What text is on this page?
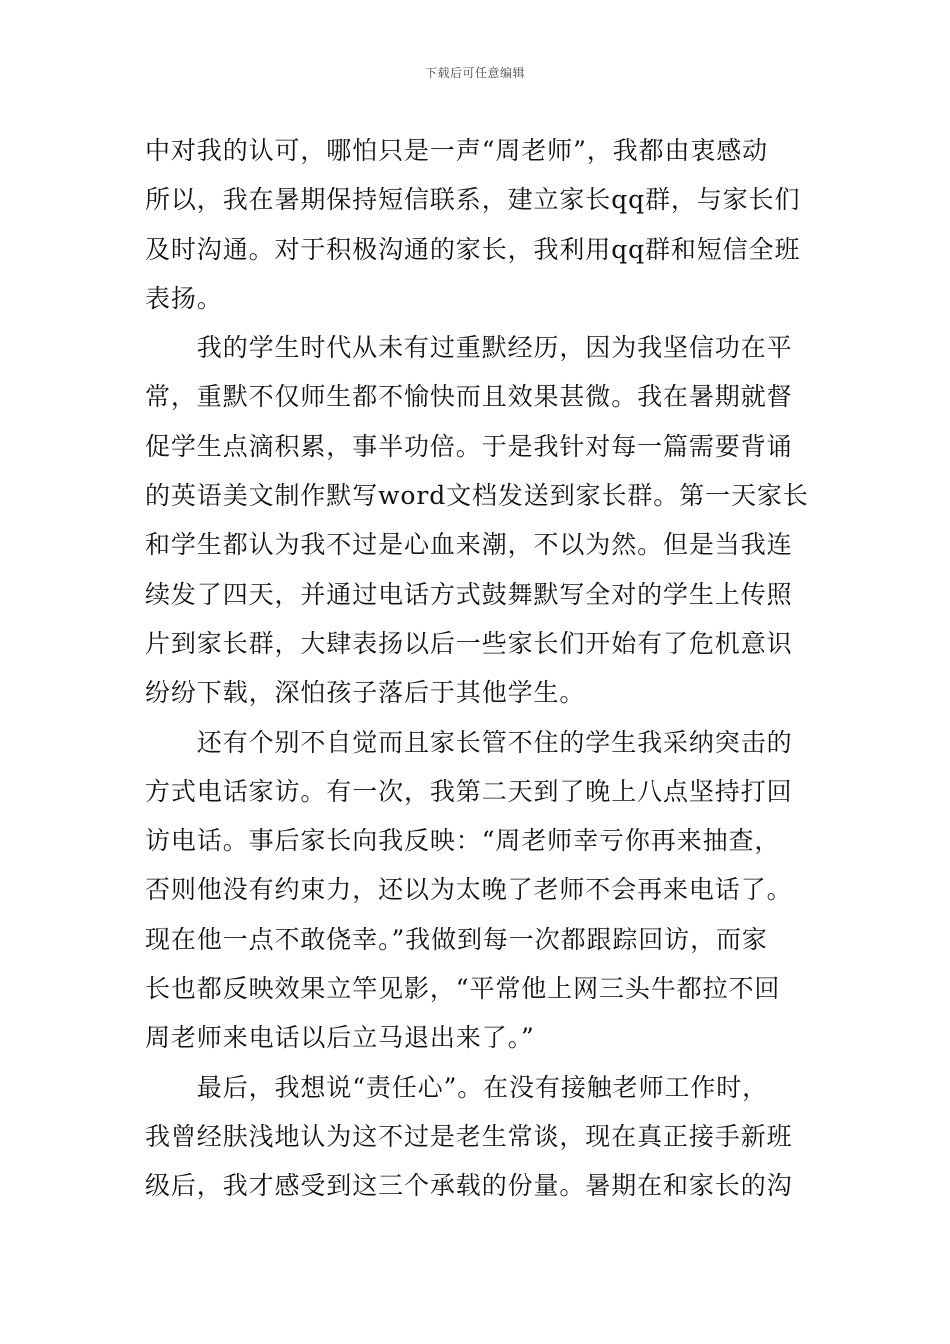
下载后可任意编辑
中对我的认可，哪怕只是一声“周老师”，我都由衷感动
所以，我在暑期保持短信联系，建立家长qq群，与家长们
及时沟通。对于积极沟通的家长，我利用qq群和短信全班
表扬。
　　我的学生时代从未有过重默经历，因为我坚信功在平
常，重默不仅师生都不愉快而且效果甚微。我在暑期就督
促学生点滴积累，事半功倍。于是我针对每一篇需要背诵
的英语美文制作默写word文档发送到家长群。第一天家长
和学生都认为我不过是心血来潮，不以为然。但是当我连
续发了四天，并通过电话方式鼓舞默写全对的学生上传照
片到家长群，大肆表扬以后一些家长们开始有了危机意识
纷纷下载，深怕孩子落后于其他学生。
　　还有个别不自觉而且家长管不住的学生我采纳突击的
方式电话家访。有一次，我第二天到了晚上八点坚持打回
访电话。事后家长向我反映：“周老师幸亏你再来抽查，
否则他没有约束力，还以为太晚了老师不会再来电话了。
现在他一点不敢侥幸。”我做到每一次都跟踪回访，而家
长也都反映效果立竿见影，“平常他上网三头牛都拉不回
周老师来电话以后立马退出来了。”
　　最后，我想说“责任心”。在没有接触老师工作时，
我曾经肤浅地认为这不过是老生常谈，现在真正接手新班
级后，我才感受到这三个承载的份量。暑期在和家长的沟
